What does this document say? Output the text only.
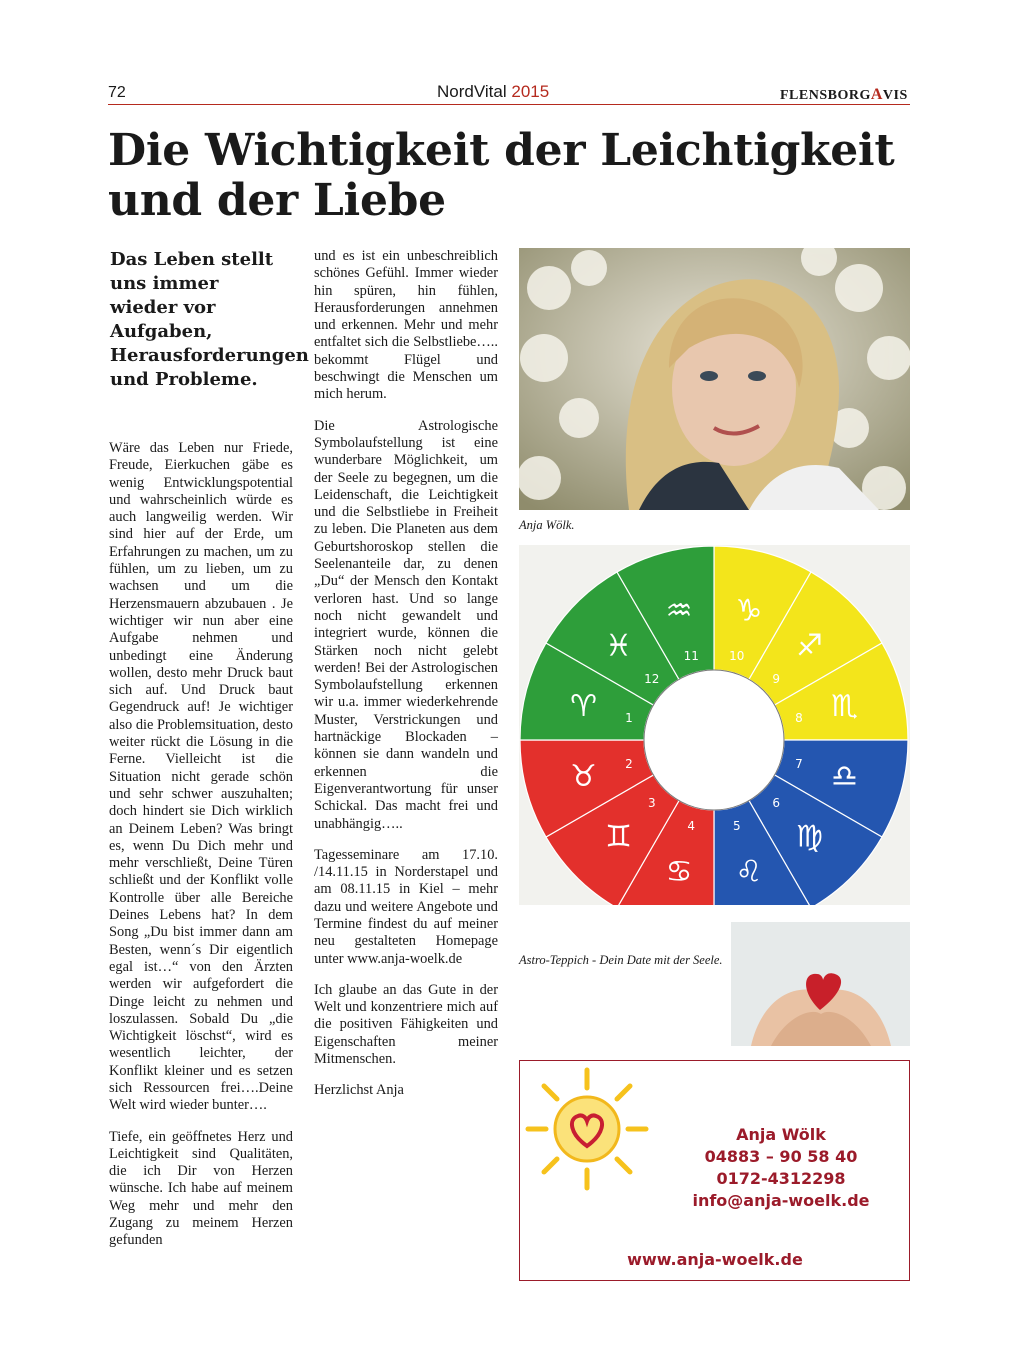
72	NordVital 2015	FLENSBORGAVIS
Die Wichtigkeit der Leichtigkeit
und der Liebe
Das Leben stellt uns immer wieder vor Aufgaben, Herausforderungen und Probleme.

Wäre das Leben nur Friede, Freude, Eierkuchen gäbe es wenig Entwicklungspotential und wahrscheinlich würde es auch langweilig werden. Wir sind hier auf der Erde, um Erfahrungen zu machen, um zu fühlen, um zu lieben, um zu wachsen und um die Herzensmauern abzubauen . Je wichtiger wir nun aber eine Aufgabe nehmen und unbedingt eine Änderung wollen, desto mehr Druck baut sich auf. Und Druck baut Gegendruck auf! Je wichtiger also die Problemsituation, desto weiter rückt die Lösung in die Ferne. Vielleicht ist die Situation nicht gerade schön und sehr schwer auszuhalten; doch hindert sie Dich wirklich an Deinem Leben? Was bringt es, wenn Du Dich mehr und mehr verschließt, Deine Türen schließt und der Konflikt volle Kontrolle über alle Bereiche Deines Lebens hat? In dem Song „Du bist immer dann am Besten, wenn´s Dir eigentlich egal ist…“ von den Ärzten werden wir aufgefordert die Dinge leicht zu nehmen und loszulassen. Sobald Du „die Wichtigkeit löschst“, wird es wesentlich leichter, der Konflikt kleiner und es setzen sich Ressourcen frei….Deine Welt wird wieder bunter….

Tiefe, ein geöffnetes Herz und Leichtigkeit sind Qualitäten, die ich Dir von Herzen wünsche. Ich habe auf meinem Weg mehr und mehr den Zugang zu meinem Herzen gefunden

und es ist ein unbeschreiblich schönes Gefühl. Immer wieder hin spüren, hin fühlen, Herausforderungen annehmen und erkennen. Mehr und mehr entfaltet sich die Selbstliebe….. bekommt Flügel und beschwingt die Menschen um mich herum.

Die Astrologische Symbolaufstellung ist eine wunderbare Möglichkeit, um der Seele zu begegnen, um die Leidenschaft, die Leichtigkeit und die Selbstliebe in Freiheit zu leben. Die Planeten aus dem Geburtshoroskop stellen die Seelenanteile dar, zu denen „Du“ der Mensch den Kontakt verloren hast. Und so lange noch nicht gewandelt und integriert wurde, können die Stärken noch nicht gelebt werden! Bei der Astrologischen Symbolaufstellung erkennen wir u.a. immer wiederkehrende Muster, Verstrickungen und hartnäckige Blockaden – können sie dann wandeln und erkennen die Eigenverantwortung für unser Schickal. Das macht frei und unabhängig…..

Tagesseminare am 17.10. /14.11.15 in Norderstapel und am 08.11.15 in Kiel – mehr dazu und weitere Angebote und Termine findest du auf meiner neu gestalteten Homepage unter www.anja-woelk.de

Ich glaube an das Gute in der Welt und konzentriere mich auf die positiven Fähigkeiten und Eigenschaften meiner Mitmenschen.

Herzlichst Anja

Anja Wölk.
♑
10 ♐
9
♏
8
♎
7
♍
6
♌
5
♋
4
♊
3
♉ 2
♈ 1
♓
12
♒
11
Astro-Teppich - Dein Date mit der Seele.
Anja Wölk
04883 – 90 58 40
0172-4312298
info@anja-woelk.de
www.anja-woelk.de
